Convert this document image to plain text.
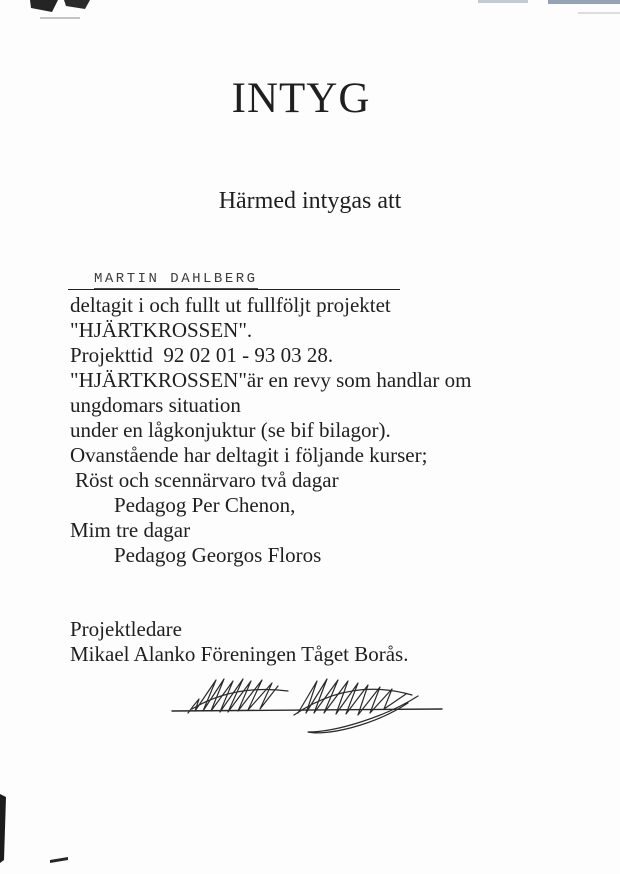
INTYG
Härmed intygas att
MARTIN DAHLBERG
deltagit i och fullt ut fullföljt projektet
"HJÄRTKROSSEN".
Projekttid  92 02 01 - 93 03 28.
"HJÄRTKROSSEN"är en revy som handlar om
ungdomars situation
under en lågkonjuktur (se bif bilagor).
Ovanstående har deltagit i följande kurser;
Röst och scennärvaro två dagar
Pedagog Per Chenon,
Mim tre dagar
Pedagog Georgos Floros
Projektledare
Mikael Alanko Föreningen Tåget Borås.
